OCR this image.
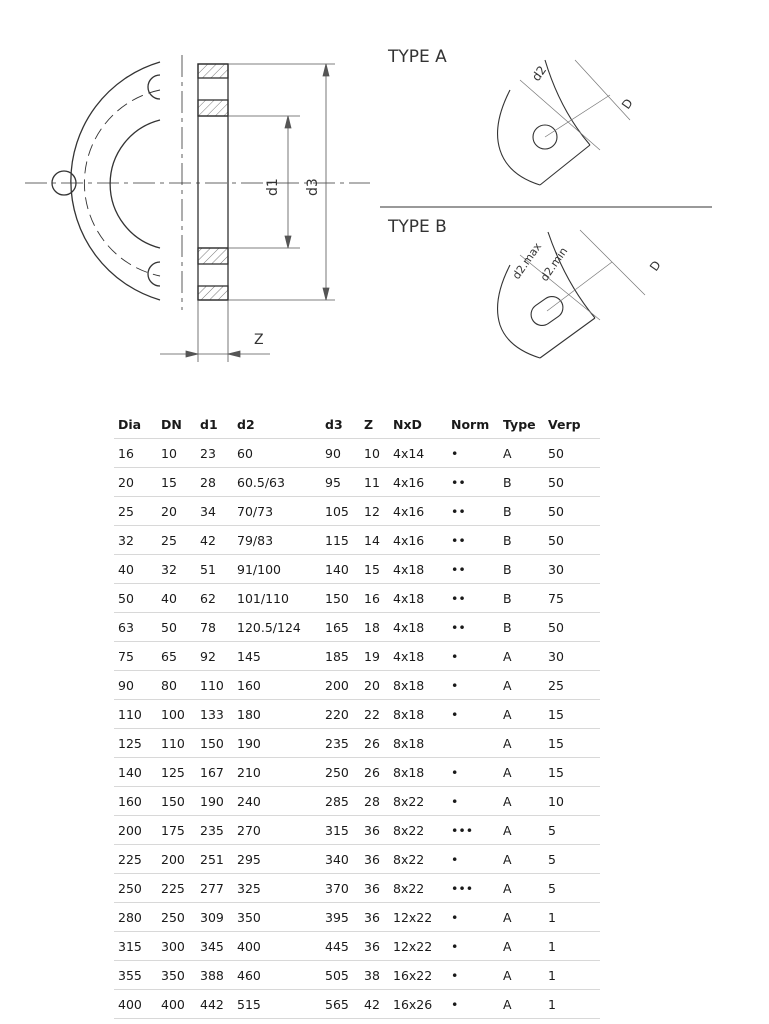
d1 d3
Z
TYPE A
d2
D
TYPE B
d2.max
d2.min	D
Dia	DN	d1	d2	d3	Z	NxD	Norm	Type	Verp
16	10	23	60	90	10	4x14	•	A	50
20	15	28	60.5/63	95	11	4x16	••	B	50
25	20	34	70/73	105	12	4x16	••	B	50
32	25	42	79/83	115	14	4x16	••	B	50
40	32	51	91/100	140	15	4x18	••	B	30
50	40	62	101/110	150	16	4x18	••	B	75
63	50	78	120.5/124	165	18	4x18	••	B	50
75	65	92	145	185	19	4x18	•	A	30
90	80	110	160	200	20	8x18	•	A	25
110	100	133	180	220	22	8x18	•	A	15
125	110	150	190	235	26	8x18		A	15
140	125	167	210	250	26	8x18	•	A	15
160	150	190	240	285	28	8x22	•	A	10
200	175	235	270	315	36	8x22	•••	A	5
225	200	251	295	340	36	8x22	•	A	5
250	225	277	325	370	36	8x22	•••	A	5
280	250	309	350	395	36	12x22	•	A	1
315	300	345	400	445	36	12x22	•	A	1
355	350	388	460	505	38	16x22	•	A	1
400	400	442	515	565	42	16x26	•	A	1
